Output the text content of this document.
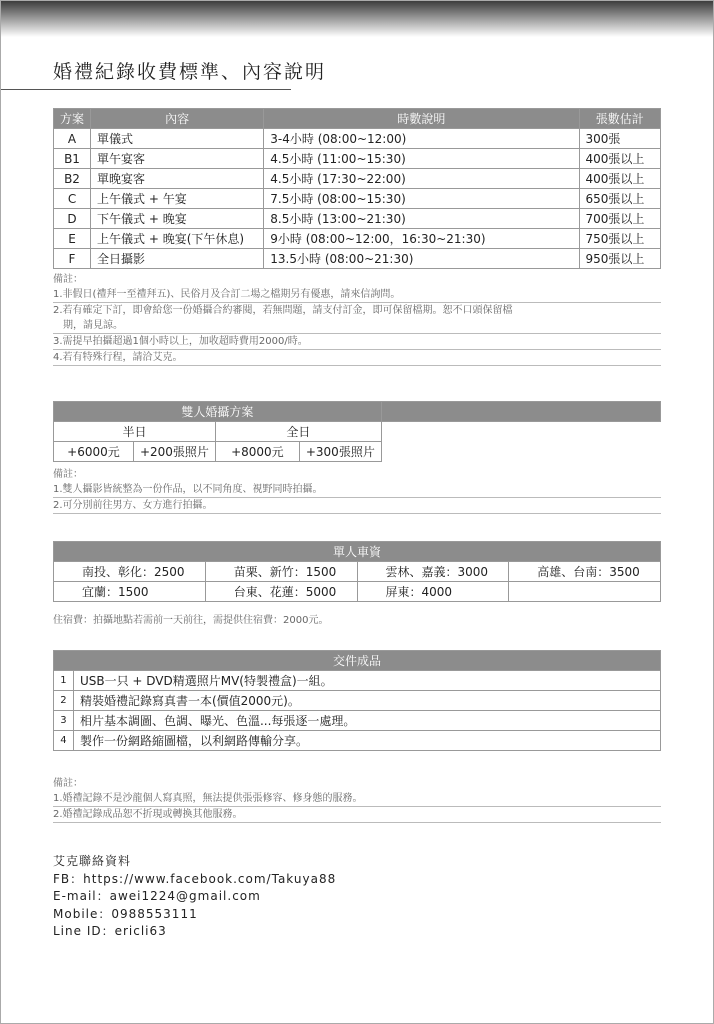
婚禮紀錄收費標準、內容說明
方案	內容	時數說明	張數估計
A	單儀式	3-4小時 (08:00~12:00)	300張
B1	單午宴客	4.5小時 (11:00~15:30)	400張以上
B2	單晚宴客	4.5小時 (17:30~22:00)	400張以上
C	上午儀式 + 午宴	7.5小時 (08:00~15:30)	650張以上
D	下午儀式 + 晚宴	8.5小時 (13:00~21:30)	700張以上
E	上午儀式 + 晚宴(下午休息)	9小時 (08:00~12:00，16:30~21:30)	750張以上
F	全日攝影	13.5小時 (08:00~21:30)	950張以上
備註：
1.非假日(禮拜一至禮拜五)、民俗月及合訂二場之檔期另有優惠，請來信詢問。
2.若有確定下訂，即會給您一份婚攝合約審閱，若無問題，請支付訂金，即可保留檔期。恕不口頭保留檔
期，請見諒。
3.需提早拍攝超過1個小時以上，加收超時費用2000/時。
4.若有特殊行程，請洽艾克。
雙人婚攝方案				
半日		全日		
+6000元	+200張照片	+8000元	+300張照片	
備註：
1.雙人攝影皆統整為一份作品，以不同角度、視野同時拍攝。
2.可分別前往男方、女方進行拍攝。
單人車資			
南投、彰化：2500	苗栗、新竹：1500	雲林、嘉義：3000	高雄、台南：3500
宜蘭：1500	台東、花蓮：5000	屏東：4000	
住宿費：拍攝地點若需前一天前往，需提供住宿費：2000元。
交件成品	
1	USB一只 + DVD精選照片MV(特製禮盒)一組。
2	精裝婚禮記錄寫真書一本(價值2000元)。
3	相片基本調圖、色調、曝光、色溫...每張逐一處理。
4	製作一份網路縮圖檔，以利網路傳輸分享。
備註：
1.婚禮記錄不是沙龍個人寫真照，無法提供張張修容、修身態的服務。
2.婚禮記錄成品恕不折現或轉換其他服務。
艾克聯絡資料
FB：https://www.facebook.com/Takuya88
E-mail：awei1224@gmail.com
Mobile：0988553111
Line ID：ericli63
